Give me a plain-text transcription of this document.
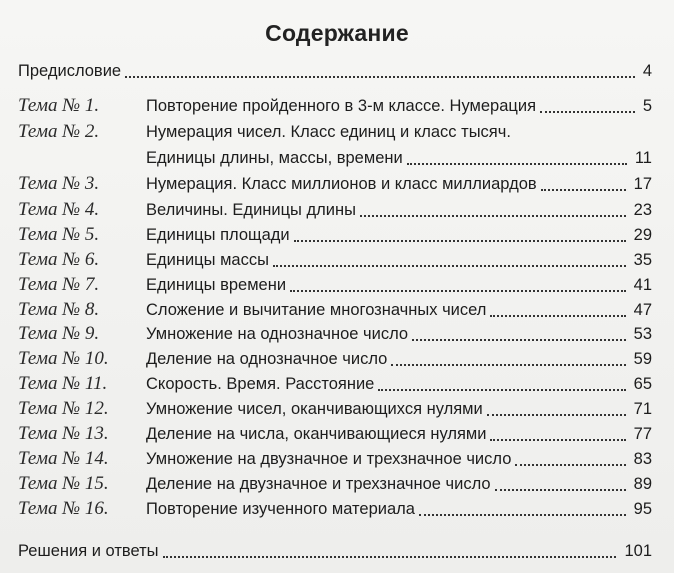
Содержание
Предисловие	4
Тема № 1.	Повторение пройденного в 3-м классе. Нумерация	5
Тема № 2.	Нумерация чисел. Класс единиц и класс тысяч.
Единицы длины, массы, времени	11
Тема № 3.	Нумерация. Класс миллионов и класс миллиардов	17
Тема № 4.	Величины. Единицы длины	23
Тема № 5.	Единицы площади	29
Тема № 6.	Единицы массы	35
Тема № 7.	Единицы времени	41
Тема № 8.	Сложение и вычитание многозначных чисел	47
Тема № 9.	Умножение на однозначное число	53
Тема № 10. Деление на однозначное число	59
Тема № 11. Скорость. Время. Расстояние	65
Тема № 12. Умножение чисел, оканчивающихся нулями	71
Тема № 13. Деление на числа, оканчивающиеся нулями	77
Тема № 14. Умножение на двузначное и трехзначное число	83
Тема № 15. Деление на двузначное и трехзначное число	89
Тема № 16. Повторение изученного материала	95
Решения и ответы	101
